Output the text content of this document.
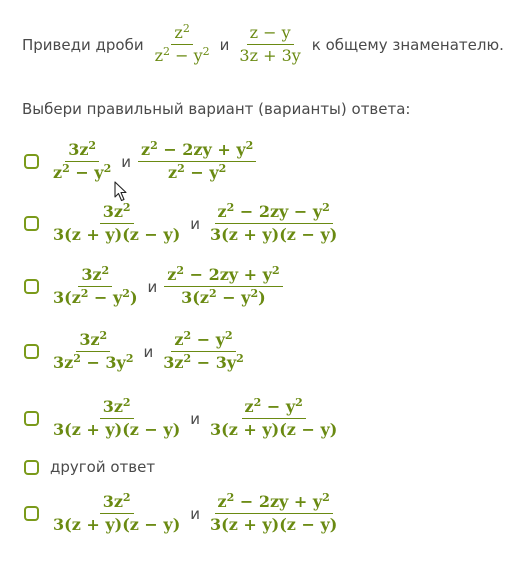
Приведи дроби $\frac{z^2}{z^2 - y^2}$ и $\frac{z - y}{3z + 3y}$ к общему знаменателю.
Выбери правильный вариант (варианты) ответа:
$\frac{3z^2}{z^2 - y^2}$ и $\frac{z^2 - 2zy + y^2}{z^2 - y^2}$
$\frac{3z^2}{3(z + y)(z - y)}$ и $\frac{z^2 - 2zy - y^2}{3(z + y)(z - y)}$
$\frac{3z^2}{3(z^2 - y^2)}$ и $\frac{z^2 - 2zy + y^2}{3(z^2 - y^2)}$
$\frac{3z^2}{3z^2 - 3y^2}$ и $\frac{z^2 - y^2}{3z^2 - 3y^2}$
$\frac{3z^2}{3(z + y)(z - y)}$ и $\frac{z^2 - y^2}{3(z + y)(z - y)}$
другой ответ
$\frac{3z^2}{3(z + y)(z - y)}$ и $\frac{z^2 - 2zy + y^2}{3(z + y)(z - y)}$
